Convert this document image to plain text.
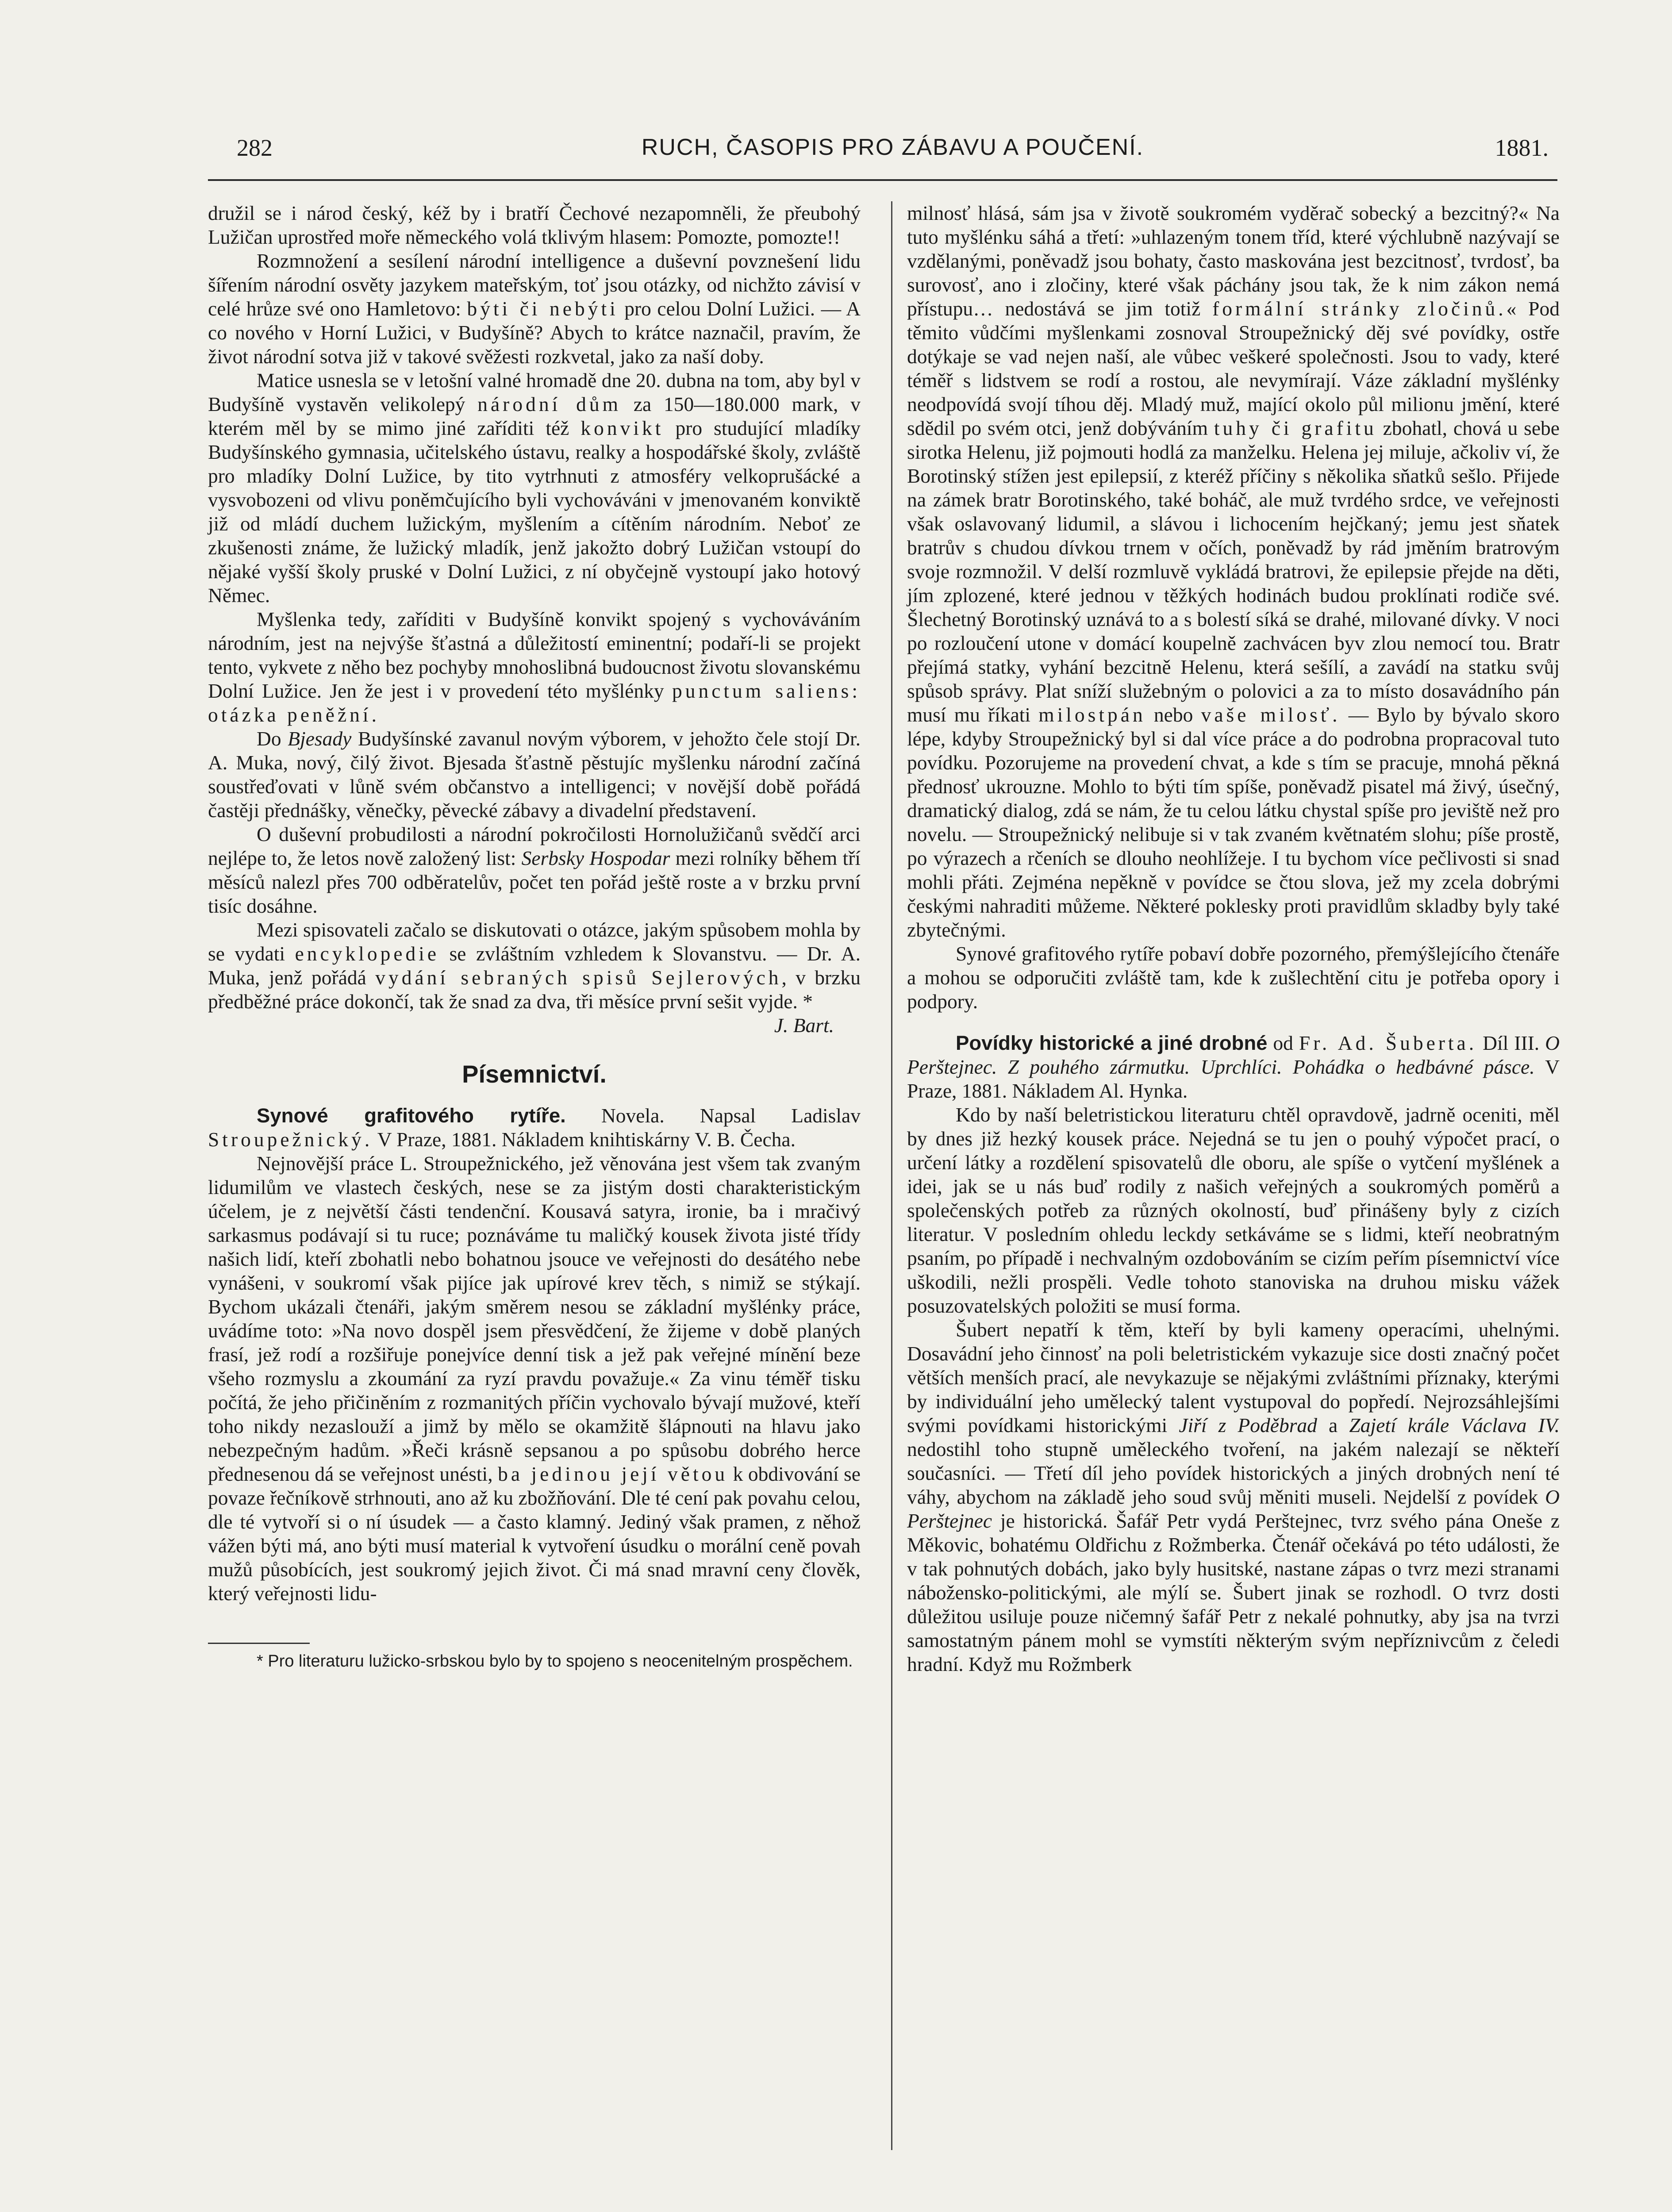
282	RUCH, ČASOPIS PRO ZÁBAVU A POUČENÍ.	1881.

družil se i národ český, kéž by i bratří Čechové nezapomněli, že přeubohý Lužičan uprostřed moře německého volá tklivým hlasem: Pomozte, pomozte!!

Rozmnožení a sesílení národní intelligence a duševní povznešení lidu šířením národní osvěty jazykem mateřským, toť jsou otázky, od nichžto závisí v celé hrůze své ono Hamletovo: býti či nebýti pro celou Dolní Lužici. — A co nového v Horní Lužici, v Budyšíně? Abych to krátce naznačil, pravím, že život národní sotva již v takové svěžesti rozkvetal, jako za naší doby.

Matice usnesla se v letošní valné hromadě dne 20. dubna na tom, aby byl v Budyšíně vystavěn velikolepý národní dům za 150—180.000 mark, v kterém měl by se mimo jiné zaříditi též konvikt pro studující mladíky Budyšínského gymnasia, učitelského ústavu, realky a hospodářské školy, zvláště pro mladíky Dolní Lužice, by tito vytrhnuti z atmosféry velkoprušácké a vysvobozeni od vlivu poněmčujícího byli vychováváni v jmenovaném konviktě již od mládí duchem lužickým, myšlením a cítěním národním. Neboť ze zkušenosti známe, že lužický mladík, jenž jakožto dobrý Lužičan vstoupí do nějaké vyšší školy pruské v Dolní Lužici, z ní obyčejně vystoupí jako hotový Němec.

Myšlenka tedy, zaříditi v Budyšíně konvikt spojený s vychováváním národním, jest na nejvýše šťastná a důležitostí eminentní; podaří-li se projekt tento, vykvete z něho bez pochyby mnohoslibná budoucnost životu slovanskému Dolní Lužice. Jen že jest i v provedení této myšlénky punctum saliens: otázka peněžní.

Do Bjesady Budyšínské zavanul novým výborem, v jehožto čele stojí Dr. A. Muka, nový, čilý život. Bjesada šťastně pěstujíc myšlenku národní začíná soustřeďovati v lůně svém občanstvo a intelligenci; v novější době pořádá častěji přednášky, věnečky, pěvecké zábavy a divadelní představení.

O duševní probudilosti a národní pokročilosti Hornolužičanů svědčí arci nejlépe to, že letos nově založený list: Serbsky Hospodar mezi rolníky během tří měsíců nalezl přes 700 odběratelův, počet ten pořád ještě roste a v brzku první tisíc dosáhne.

Mezi spisovateli začalo se diskutovati o otázce, jakým spůsobem mohla by se vydati encyklopedie se zvláštním vzhledem k Slovanstvu. — Dr. A. Muka, jenž pořádá vydání sebraných spisů Sejlerových, v brzku předběžné práce dokončí, tak že snad za dva, tři měsíce první sešit vyjde. *

J. Bart.

Písemnictví.

Synové grafitového rytíře. Novela. Napsal Ladislav Stroupežnický. V Praze, 1881. Nákladem knihtiskárny V. B. Čecha.

Nejnovější práce L. Stroupežnického, jež věnována jest všem tak zvaným lidumilům ve vlastech českých, nese se za jistým dosti charakteristickým účelem, je z největší části tendenční. Kousavá satyra, ironie, ba i mračivý sarkasmus podávají si tu ruce; poznáváme tu maličký kousek života jisté třídy našich lidí, kteří zbohatli nebo bohatnou jsouce ve veřejnosti do desátého nebe vynášeni, v soukromí však pijíce jak upírové krev těch, s nimiž se stýkají. Bychom ukázali čtenáři, jakým směrem nesou se základní myšlénky práce, uvádíme toto: »Na novo dospěl jsem přesvědčení, že žijeme v době planých frasí, jež rodí a rozšiřuje ponejvíce denní tisk a jež pak veřejné mínění beze všeho rozmyslu a zkoumání za ryzí pravdu považuje.« Za vinu téměř tisku počítá, že jeho přičiněním z rozmanitých příčin vychovalo bývají mužové, kteří toho nikdy nezaslouží a jimž by mělo se okamžitě šlápnouti na hlavu jako nebezpečným hadům. »Řeči krásně sepsanou a po spůsobu dobrého herce přednesenou dá se veřejnost unésti, ba jedinou její větou k obdivování se povaze řečníkově strhnouti, ano až ku zbožňování. Dle té cení pak povahu celou, dle té vytvoří si o ní úsudek — a často klamný. Jediný však pramen, z něhož vážen býti má, ano býti musí material k vytvoření úsudku o morální ceně povah mužů působících, jest soukromý jejich život. Či má snad mravní ceny člověk, který veřejnosti lidu-

* Pro literaturu lužicko-srbskou bylo by to spojeno s neocenitelným prospěchem.

milnosť hlásá, sám jsa v životě soukromém vyděrač sobecký a bezcitný?« Na tuto myšlénku sáhá a třetí: »uhlazeným tonem tříd, které výchlubně nazývají se vzdělanými, poněvadž jsou bohaty, často maskována jest bezcitnosť, tvrdosť, ba surovosť, ano i zločiny, které však páchány jsou tak, že k nim zákon nemá přístupu… nedostává se jim totiž formální stránky zločinů.« Pod těmito vůdčími myšlenkami zosnoval Stroupežnický děj své povídky, ostře dotýkaje se vad nejen naší, ale vůbec veškeré společnosti. Jsou to vady, které téměř s lidstvem se rodí a rostou, ale nevymírají. Váze základní myšlénky neodpovídá svojí tíhou děj. Mladý muž, mající okolo půl milionu jmění, které sdědil po svém otci, jenž dobýváním tuhy či grafitu zbohatl, chová u sebe sirotka Helenu, již pojmouti hodlá za manželku. Helena jej miluje, ačkoliv ví, že Borotinský stížen jest epilepsií, z kteréž příčiny s několika sňatků sešlo. Přijede na zámek bratr Borotinského, také boháč, ale muž tvrdého srdce, ve veřejnosti však oslavovaný lidumil, a slávou i lichocením hejčkaný; jemu jest sňatek bratrův s chudou dívkou trnem v očích, poněvadž by rád jměním bratrovým svoje rozmnožil. V delší rozmluvě vykládá bratrovi, že epilepsie přejde na děti, jím zplozené, které jednou v těžkých hodinách budou proklínati rodiče své. Šlechetný Borotinský uznává to a s bolestí síká se drahé, milované dívky. V noci po rozloučení utone v domácí koupelně zachvácen byv zlou nemocí tou. Bratr přejímá statky, vyhání bezcitně Helenu, která sešílí, a zavádí na statku svůj spůsob správy. Plat sníží služebným o polovici a za to místo dosavádního pán musí mu říkati milostpán nebo vaše milosť. — Bylo by bývalo skoro lépe, kdyby Stroupežnický byl si dal více práce a do podrobna propracoval tuto povídku. Pozorujeme na provedení chvat, a kde s tím se pracuje, mnohá pěkná přednosť ukrouzne. Mohlo to býti tím spíše, poněvadž pisatel má živý, úsečný, dramatický dialog, zdá se nám, že tu celou látku chystal spíše pro jeviště než pro novelu. — Stroupežnický nelibuje si v tak zvaném květnatém slohu; píše prostě, po výrazech a rčeních se dlouho neohlížeje. I tu bychom více pečlivosti si snad mohli přáti. Zejména nepěkně v povídce se čtou slova, jež my zcela dobrými českými nahraditi můžeme. Některé poklesky proti pravidlům skladby byly také zbytečnými.

Synové grafitového rytíře pobaví dobře pozorného, přemýšlejícího čtenáře a mohou se odporučiti zvláště tam, kde k zušlechtění citu je potřeba opory i podpory.

Povídky historické a jiné drobné od Fr. Ad. Šuberta. Díl III. O Perštejnec. Z pouhého zármutku. Uprchlíci. Pohádka o hedbávné pásce. V Praze, 1881. Nákladem Al. Hynka.

Kdo by naší beletristickou literaturu chtěl opravdově, jadrně oceniti, měl by dnes již hezký kousek práce. Nejedná se tu jen o pouhý výpočet prací, o určení látky a rozdělení spisovatelů dle oboru, ale spíše o vytčení myšlének a idei, jak se u nás buď rodily z našich veřejných a soukromých poměrů a společenských potřeb za různých okolností, buď přinášeny byly z cizích literatur. V posledním ohledu leckdy setkáváme se s lidmi, kteří neobratným psaním, po případě i nechvalným ozdobováním se cizím peřím písemnictví více uškodili, nežli prospěli. Vedle tohoto stanoviska na druhou misku vážek posuzovatelských položiti se musí forma.

Šubert nepatří k těm, kteří by byli kameny operacími, uhelnými. Dosavádní jeho činnosť na poli beletristickém vykazuje sice dosti značný počet větších menších prací, ale nevykazuje se nějakými zvláštními příznaky, kterými by individuální jeho umělecký talent vystupoval do popředí. Nejrozsáhlejšími svými povídkami historickými Jiří z Poděbrad a Zajetí krále Václava IV. nedostihl toho stupně uměleckého tvoření, na jakém nalezají se někteří současníci. — Třetí díl jeho povídek historických a jiných drobných není té váhy, abychom na základě jeho soud svůj měniti museli. Nejdelší z povídek O Perštejnec je historická. Šafář Petr vydá Perštejnec, tvrz svého pána Oneše z Měkovic, bohatému Oldřichu z Rožmberka. Čtenář očekává po této události, že v tak pohnutých dobách, jako byly husitské, nastane zápas o tvrz mezi stranami náboženskо-politickými, ale mýlí se. Šubert jinak se rozhodl. O tvrz dosti důležitou usiluje pouze ničemný šafář Petr z nekalé pohnutky, aby jsa na tvrzi samostatným pánem mohl se vymstíti některým svým nepříznivcům z čeledi hradní. Když mu Rožmberk
